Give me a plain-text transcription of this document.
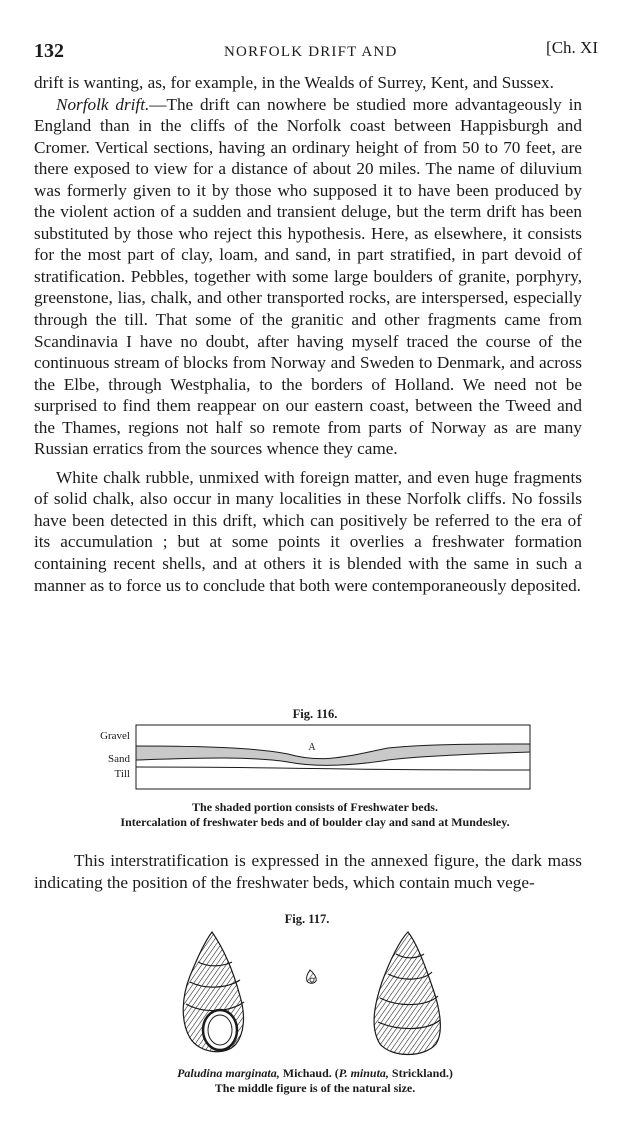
132	NORFOLK DRIFT AND	[Ch. XI

drift is wanting, as, for example, in the Wealds of Surrey, Kent, and Sussex.

Norfolk drift.—The drift can nowhere be studied more advantageously in England than in the cliffs of the Norfolk coast between Happisburgh and Cromer. Vertical sections, having an ordinary height of from 50 to 70 feet, are there exposed to view for a distance of about 20 miles. The name of diluvium was formerly given to it by those who supposed it to have been produced by the violent action of a sudden and transient deluge, but the term drift has been substituted by those who reject this hypothesis. Here, as elsewhere, it consists for the most part of clay, loam, and sand, in part stratified, in part devoid of stratification. Pebbles, together with some large boulders of granite, porphyry, greenstone, lias, chalk, and other transported rocks, are interspersed, especially through the till. That some of the granitic and other fragments came from Scandinavia I have no doubt, after having myself traced the course of the continuous stream of blocks from Norway and Sweden to Denmark, and across the Elbe, through Westphalia, to the borders of Holland. We need not be surprised to find them reappear on our eastern coast, between the Tweed and the Thames, regions not half so remote from parts of Norway as are many Russian erratics from the sources whence they came.

White chalk rubble, unmixed with foreign matter, and even huge fragments of solid chalk, also occur in many localities in these Norfolk cliffs. No fossils have been detected in this drift, which can positively be referred to the era of its accumulation ; but at some points it overlies a freshwater formation containing recent shells, and at others it is blended with the same in such a manner as to force us to conclude that both were contemporaneously deposited.

Fig. 116.
Gravel
Sand
Till
A
The shaded portion consists of Freshwater beds.
Intercalation of freshwater beds and of boulder clay and sand at Mundesley.

This interstratification is expressed in the annexed figure, the dark mass indicating the position of the freshwater beds, which contain much vege-

Fig. 117.
Paludina marginata, Michaud. (P. minuta, Strickland.)
The middle figure is of the natural size.
